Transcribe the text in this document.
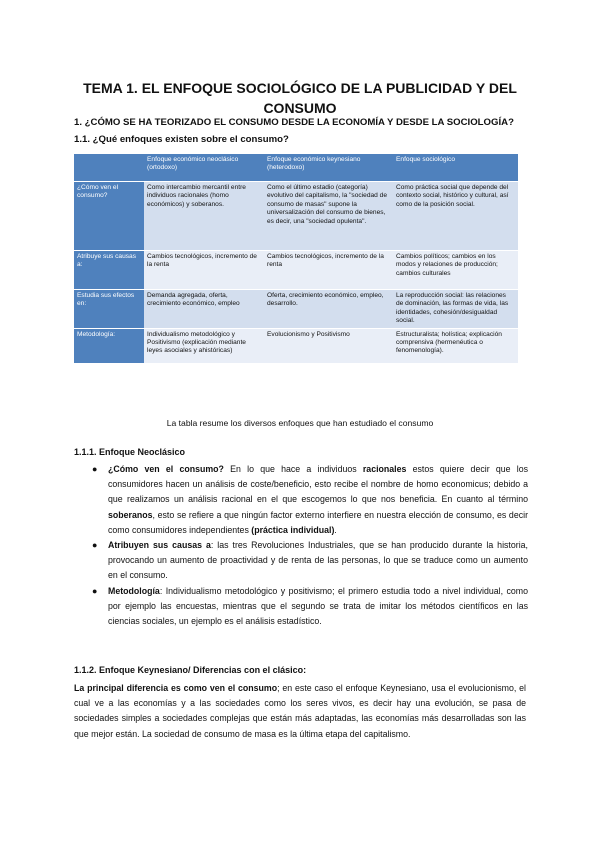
TEMA 1. EL ENFOQUE SOCIOLÓGICO DE LA PUBLICIDAD Y DEL CONSUMO
1. ¿CÓMO SE HA TEORIZADO EL CONSUMO DESDE LA ECONOMÍA Y DESDE LA SOCIOLOGÍA?
1.1. ¿Qué enfoques existen sobre el consumo?
	Enfoque económico neoclásico (ortodoxo)	Enfoque económico keynesiano (heterodoxo)	Enfoque sociológico
¿Cómo ven el consumo?	Como intercambio mercantil entre individuos racionales (homo económicos) y soberanos.	Como el último estadio (categoría) evolutivo del capitalismo, la "sociedad de consumo de masas" supone la universalización del consumo de bienes, es decir, una "sociedad opulenta".	Como práctica social que depende del contexto social, histórico y cultural, así como de la posición social.
Atribuye sus causas a:	Cambios tecnológicos, incremento de la renta	Cambios tecnológicos, incremento de la renta	Cambios políticos; cambios en los modos y relaciones de producción; cambios culturales
Estudia sus efectos en:	Demanda agregada, oferta, crecimiento económico, empleo	Oferta, crecimiento económico, empleo, desarrollo.	La reproducción social: las relaciones de dominación, las formas de vida, las identidades, cohesión/desigualdad social.
Metodología:	Individualismo metodológico y Positivismo (explicación mediante leyes asociales y ahistóricas)	Evolucionismo y Positivismo	Estructuralista; holística; explicación comprensiva (hermenéutica o fenomenología).
La tabla resume los diversos enfoques que han estudiado el consumo
1.1.1. Enfoque Neoclásico
● ¿Cómo ven el consumo? En lo que hace a individuos racionales estos quiere decir que los consumidores hacen un análisis de coste/beneficio, esto recibe el nombre de homo economicus; debido a que realizamos un análisis racional en el que escogemos lo que nos beneficia. En cuanto al término soberanos, esto se refiere a que ningún factor externo interfiere en nuestra elección de consumo, es decir como consumidores independientes (práctica individual).
● Atribuyen sus causas a: las tres Revoluciones Industriales, que se han producido durante la historia, provocando un aumento de proactividad y de renta de las personas, lo que se traduce como un aumento en el consumo.
● Metodología: Individualismo metodológico y positivismo; el primero estudia todo a nivel individual, como por ejemplo las encuestas, mientras que el segundo se trata de imitar los métodos científicos en las ciencias sociales, un ejemplo es el análisis estadístico.
1.1.2. Enfoque Keynesiano/ Diferencias con el clásico:
La principal diferencia es como ven el consumo; en este caso el enfoque Keynesiano, usa el evolucionismo, el cual ve a las economías y a las sociedades como los seres vivos, es decir hay una evolución, se pasa de sociedades simples a sociedades complejas que están más adaptadas, las economías más desarrolladas son las que mejor están. La sociedad de consumo de masa es la última etapa del capitalismo.
